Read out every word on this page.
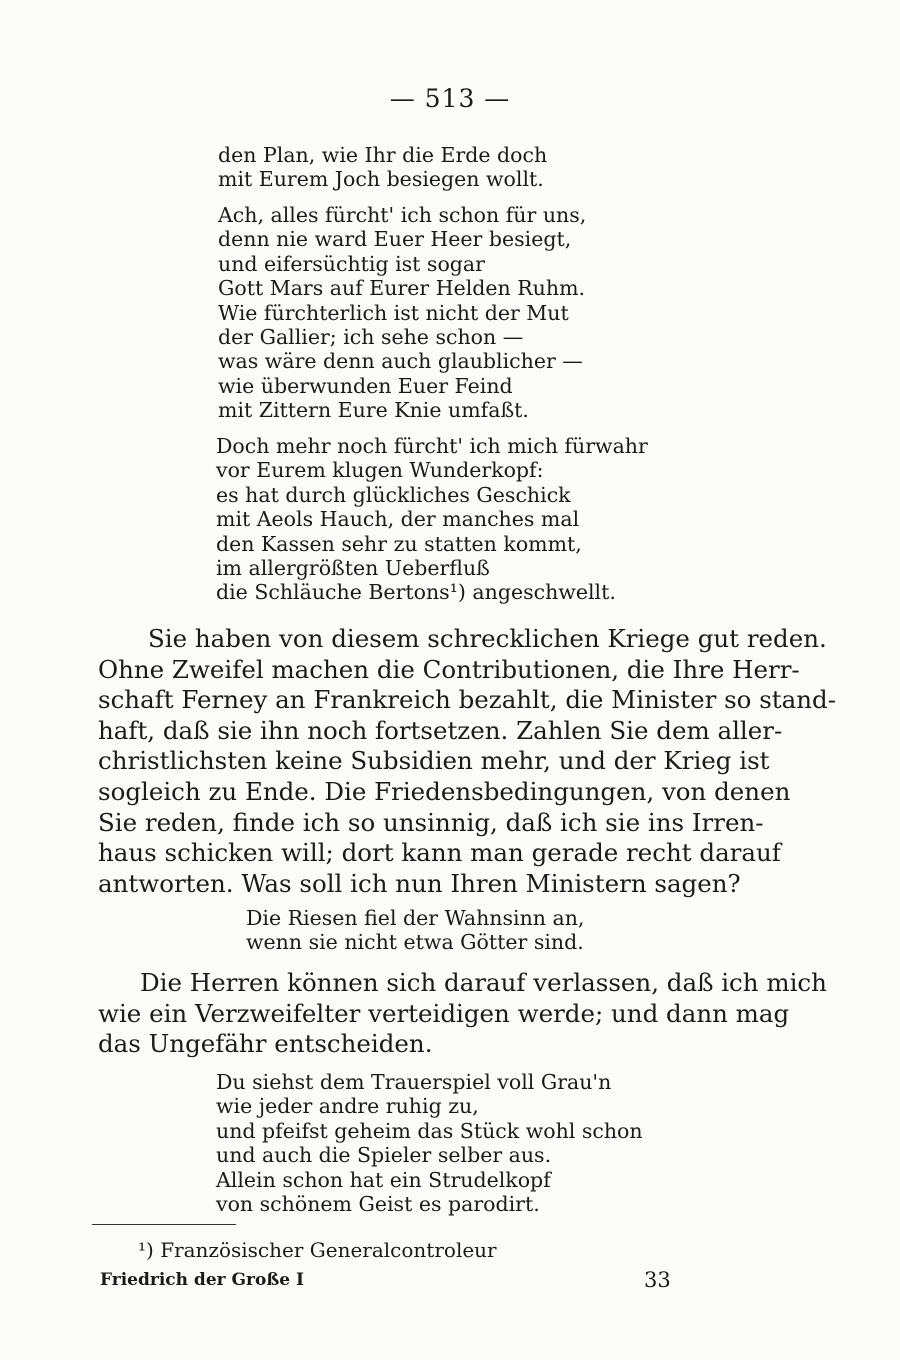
— 513 —
den Plan, wie Ihr die Erde doch
mit Eurem Joch besiegen wollt.
Ach, alles fürcht' ich schon für uns,
denn nie ward Euer Heer besiegt,
und eifersüchtig ist sogar
Gott Mars auf Eurer Helden Ruhm.
Wie fürchterlich ist nicht der Mut
der Gallier; ich sehe schon —
was wäre denn auch glaublicher —
wie überwunden Euer Feind
mit Zittern Eure Knie umfaßt.
Doch mehr noch fürcht' ich mich fürwahr
vor Eurem klugen Wunderkopf:
es hat durch glückliches Geschick
mit Aeols Hauch, der manches mal
den Kassen sehr zu statten kommt,
im allergrößten Ueberfluß
die Schläuche Bertons¹) angeschwellt.
Sie haben von diesem schrecklichen Kriege gut reden.
Ohne Zweifel machen die Contributionen, die Ihre Herr-
schaft Ferney an Frankreich bezahlt, die Minister so stand-
haft, daß sie ihn noch fortsetzen. Zahlen Sie dem aller-
christlichsten keine Subsidien mehr, und der Krieg ist
sogleich zu Ende. Die Friedensbedingungen, von denen
Sie reden, finde ich so unsinnig, daß ich sie ins Irren-
haus schicken will; dort kann man gerade recht darauf
antworten. Was soll ich nun Ihren Ministern sagen?
Die Riesen fiel der Wahnsinn an,
wenn sie nicht etwa Götter sind.
Die Herren können sich darauf verlassen, daß ich mich
wie ein Verzweifelter verteidigen werde; und dann mag
das Ungefähr entscheiden.
Du siehst dem Trauerspiel voll Grau'n
wie jeder andre ruhig zu,
und pfeifst geheim das Stück wohl schon
und auch die Spieler selber aus.
Allein schon hat ein Strudelkopf
von schönem Geist es parodirt.
¹) Französischer Generalcontroleur
Friedrich der Große I	33
